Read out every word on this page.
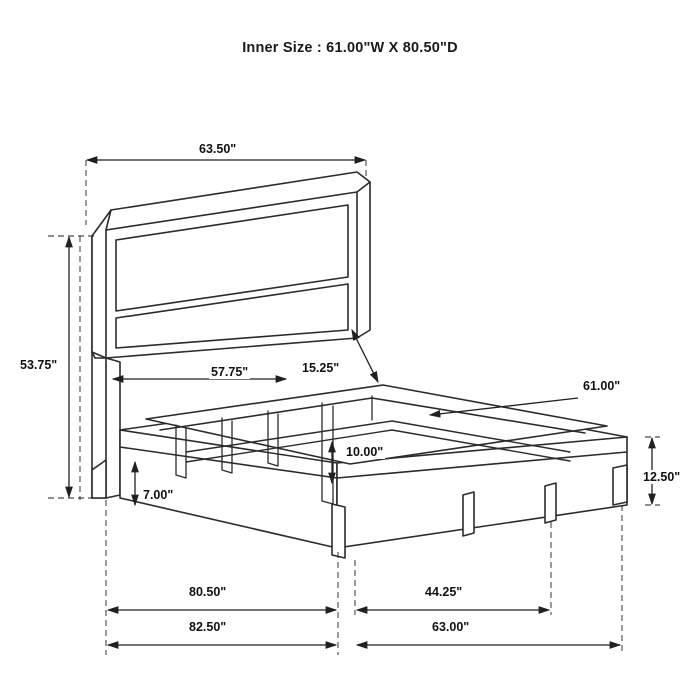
Inner Size : 61.00"W X 80.50"D
63.50"
53.75"	57.75"	15.25"
61.00"
10.00"
7.00"
12.50"
80.50"	44.25"
82.50"	63.00"
